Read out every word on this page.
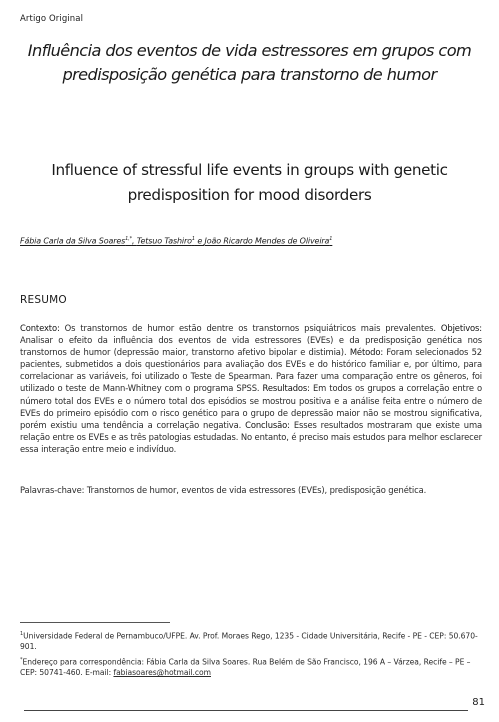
Artigo Original
Influência dos eventos de vida estressores em grupos com predisposição genética para transtorno de humor
Influence of stressful life events in groups with genetic predisposition for mood disorders
Fábia Carla da Silva Soares$^{1,*}$, Tetsuo Tashiro$^1$ e João Ricardo Mendes de Oliveira$^1$
RESUMO
Contexto: Os transtornos de humor estão dentre os transtornos psiquiátricos mais prevalentes. Objetivos: Analisar o efeito da influência dos eventos de vida estressores (EVEs) e da predisposição genética nos transtornos de humor (depressão maior, transtorno afetivo bipolar e distimia). Método: Foram selecionados 52 pacientes, submetidos a dois questionários para avaliação dos EVEs e do histórico familiar e, por último, para correlacionar as variáveis, foi utilizado o Teste de Spearman. Para fazer uma comparação entre os gêneros, foi utilizado o teste de Mann-Whitney com o programa SPSS. Resultados: Em todos os grupos a correlação entre o número total dos EVEs e o número total dos episódios se mostrou positiva e a análise feita entre o número de EVEs do primeiro episódio com o risco genético para o grupo de depressão maior não se mostrou significativa, porém existiu uma tendência a correlação negativa. Conclusão: Esses resultados mostraram que existe uma relação entre os EVEs e as três patologias estudadas. No entanto, é preciso mais estudos para melhor esclarecer essa interação entre meio e indivíduo.
Palavras-chave: Transtornos de humor, eventos de vida estressores (EVEs), predisposição genética.

$^1$Universidade Federal de Pernambuco/UFPE. Av. Prof. Moraes Rego, 1235 - Cidade Universitária, Recife - PE - CEP: 50.670-901.

*Endereço para correspondência: Fábia Carla da Silva Soares. Rua Belém de São Francisco, 196 A – Várzea, Recife – PE – CEP: 50741-460. E-mail: fabiasoares@hotmail.com

81
